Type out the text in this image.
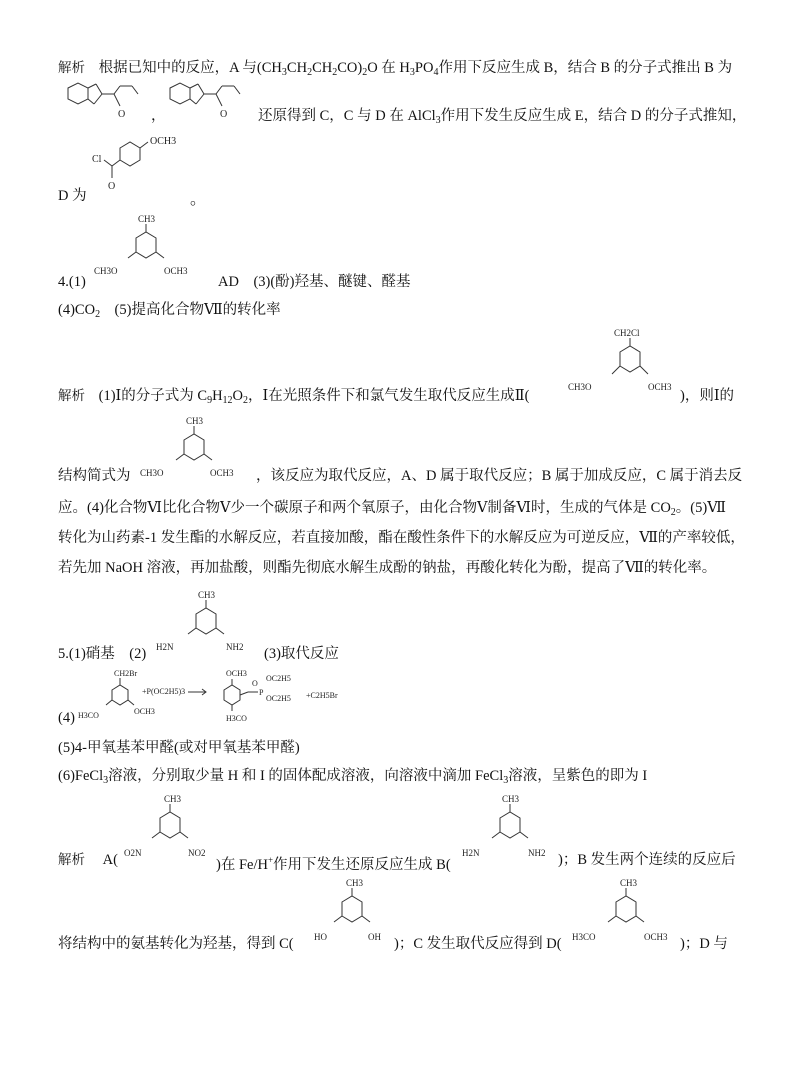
解析 根据已知中的反应，A 与$(CH_3CH_2CH_2CO)_2O$ 在 $H_3PO_4$作用下反应生成 B，结合 B 的分子式推出 B 为
O	，	O 还原得到 C，C 与 D 在 AlCl$_3$作用下发生反应生成 E，结合 D 的分子式推知，
Cl
O
OCH3
D 为	。
CH3
CH3O	OCH3
4.(1)	AD　(3)(酚)羟基、醚键、醛基
$(4)CO_2$　(5)提高化合物Ⅶ的转化率
CH2Cl
CH3O	OCH3
解析 (1)Ⅰ的分子式为 $C_9H_{12}O_2$，Ⅰ在光照条件下和氯气发生取代反应生成Ⅱ(	)，则Ⅰ的
CH3
CH3O	OCH3
结构简式为	，该反应为取代反应，A、D 属于取代反应；B 属于加成反应，C 属于消去反
应。(4)化合物Ⅵ比化合物Ⅴ少一个碳原子和两个氧原子，由化合物Ⅴ制备Ⅵ时，生成的气体是 $CO_2$。(5)Ⅶ
转化为山药素-1 发生酯的水解反应，若直接加酸，酯在酸性条件下的水解反应为可逆反应，Ⅶ的产率较低，
若先加 NaOH 溶液，再加盐酸，则酯先彻底水解生成酚的钠盐，再酸化转化为酚，提高了Ⅶ的转化率。
CH3
H2N	NH2
5.(1)硝基　(2)	(3)取代反应
(4)
CH2Br
H3CO	OCH3
+P(OC2H5)3
OCH3
H3CO
O
P
OC2H5
OC2H5 +C2H5Br
(5)4-甲氧基苯甲醛(或对甲氧基苯甲醛)
(6)FeCl$_3$溶液，分别取少量 H 和 I 的固体配成溶液，向溶液中滴加 FeCl$_3$溶液，呈紫色的即为 I
CH3
O2N	NO2
CH3
H2N	NH2
解析 A(	)在 Fe/H+作用下发生还原反应生成 B(	)；B 发生两个连续的反应后
CH3
HO	OH
CH3
H3CO	OCH3
将结构中的氨基转化为羟基，得到 C(	)；C 发生取代反应得到 D(	)；D 与
